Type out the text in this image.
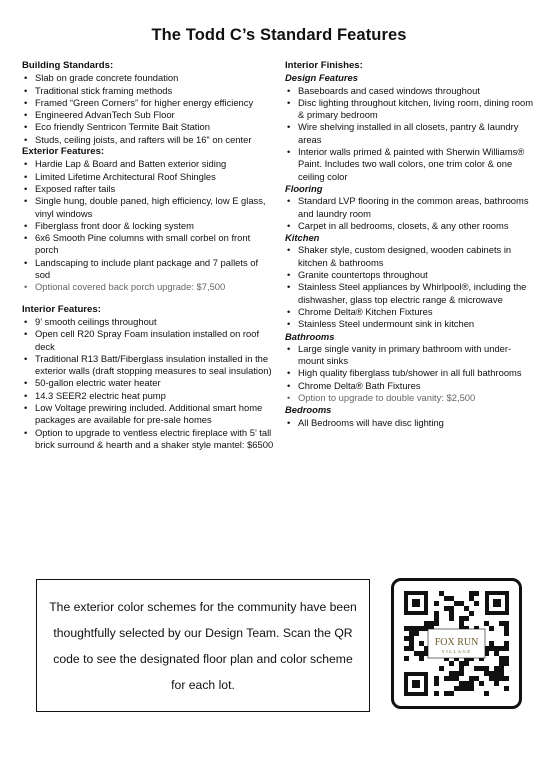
The Todd C’s Standard Features
Building Standards:
• Slab on grade concrete foundation
• Traditional stick framing methods
• Framed “Green Corners” for higher energy efficiency
• Engineered AdvanTech Sub Floor
• Eco friendly Sentricon Termite Bait Station
• Studs, ceiling joists, and rafters will be 16" on center
Exterior Features:
• Hardie Lap & Board and Batten exterior siding
• Limited Lifetime Architectural Roof Shingles
• Exposed rafter tails
• Single hung, double paned, high efficiency, low E glass, vinyl windows
• Fiberglass front door & locking system
• 6x6 Smooth Pine columns with small corbel on front porch
• Landscaping to include plant package and 7 pallets of sod
• Optional covered back porch upgrade: $7,500
Interior Features:
• 9’ smooth ceilings throughout
• Open cell R20 Spray Foam insulation installed on roof deck
• Traditional R13 Batt/Fiberglass insulation installed in the exterior walls (draft stopping measures to seal insulation)
• 50-gallon electric water heater
• 14.3 SEER2 electric heat pump
• Low Voltage prewiring included. Additional smart home packages are available for pre-sale homes
• Option to upgrade to ventless electric fireplace with 5’ tall brick surround & hearth and a shaker style mantel: $6500
Interior Finishes:
Design Features
• Baseboards and cased windows throughout
• Disc lighting throughout kitchen, living room, dining room & primary bedroom
• Wire shelving installed in all closets, pantry & laundry areas
• Interior walls primed & painted with Sherwin Williams® Paint. Includes two wall colors, one trim color & one ceiling color
Flooring
• Standard LVP flooring in the common areas, bathrooms and laundry room
• Carpet in all bedrooms, closets, & any other rooms
Kitchen
• Shaker style, custom designed, wooden cabinets in kitchen & bathrooms
• Granite countertops throughout
• Stainless Steel appliances by Whirlpool®, including the dishwasher, glass top electric range & microwave
• Chrome Delta® Kitchen Fixtures
• Stainless Steel undermount sink in kitchen
Bathrooms
• Large single vanity in primary bathroom with under-mount sinks
• High quality fiberglass tub/shower in all full bathrooms
• Chrome Delta® Bath Fixtures
• Option to upgrade to double vanity: $2,500
Bedrooms
• All Bedrooms will have disc lighting
The exterior color schemes for the community have been thoughtfully selected by our Design Team. Scan the QR code to see the designated floor plan and color scheme for each lot.
FOX RUN
VILLAGE
